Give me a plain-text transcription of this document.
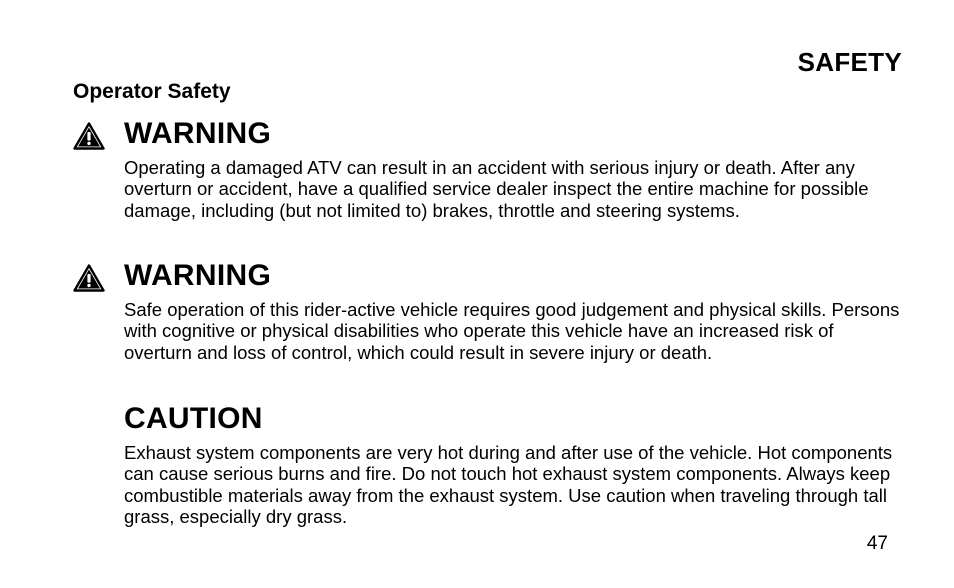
SAFETY
Operator Safety
WARNING
Operating a damaged ATV can result in an accident with serious injury or death. After any overturn or accident, have a qualified service dealer inspect the entire machine for possible damage, including (but not limited to) brakes, throttle and steering systems.
WARNING
Safe operation of this rider-active vehicle requires good judgement and physical skills. Persons with cognitive or physical disabilities who operate this vehicle have an increased risk of overturn and loss of control, which could result in severe injury or death.
CAUTION
Exhaust system components are very hot during and after use of the vehicle. Hot components can cause serious burns and fire. Do not touch hot exhaust system components. Always keep combustible materials away from the exhaust system. Use caution when traveling through tall grass, especially dry grass.
47
